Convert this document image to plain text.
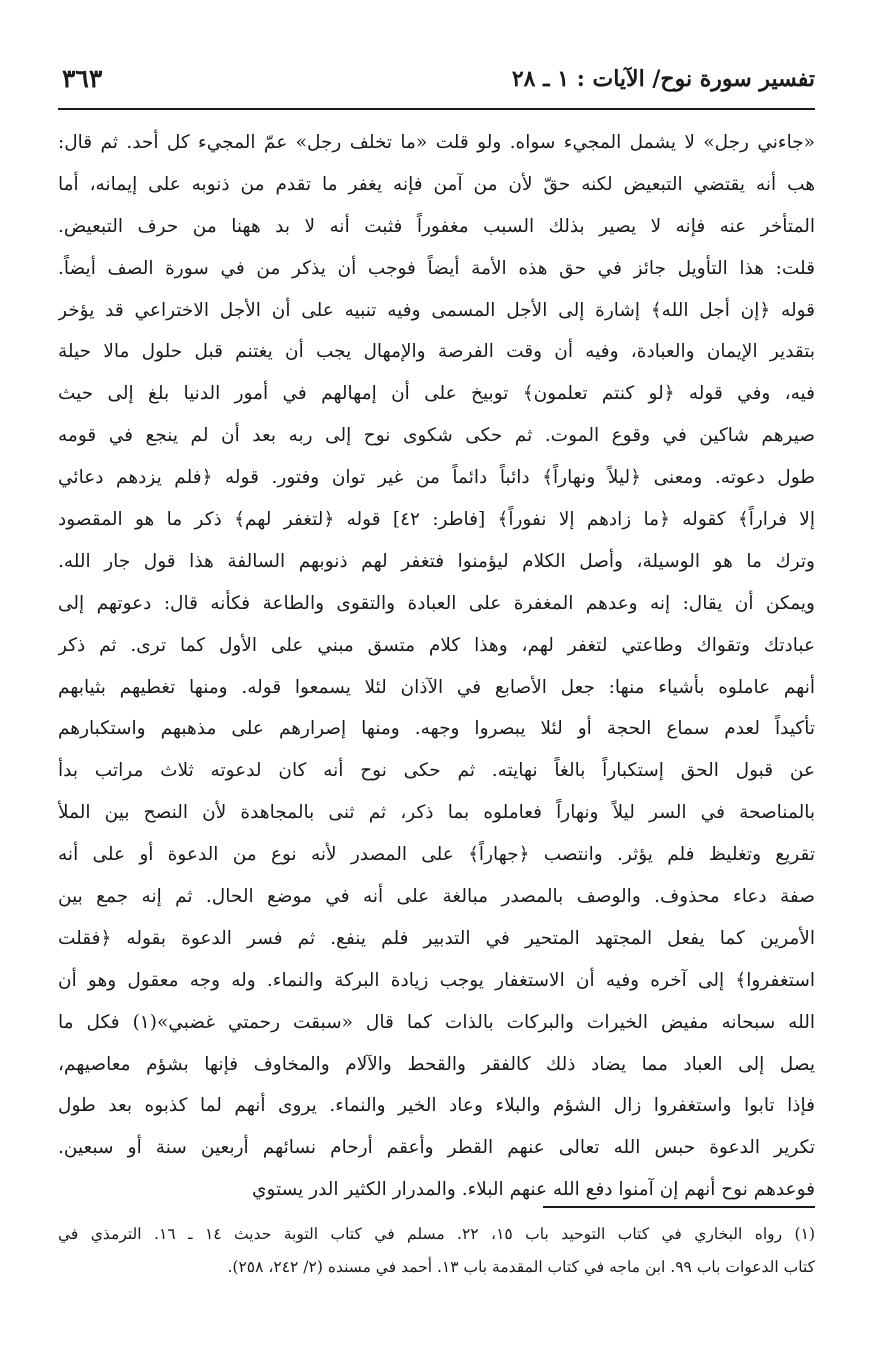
تفسير سورة نوح/ الآيات : ١ ـ ٢٨
٣٦٣
«جاءني رجل» لا يشمل المجيء سواه. ولو قلت «ما تخلف رجل» عمّ المجيء كل أحد. ثم قال:
هب أنه يقتضي التبعيض لكنه حقّ لأن من آمن فإنه يغفر ما تقدم من ذنوبه على إيمانه، أما
المتأخر عنه فإنه لا يصير بذلك السبب مغفوراً فثبت أنه لا بد ههنا من حرف التبعيض.
قلت: هذا التأويل جائز في حق هذه الأمة أيضاً فوجب أن يذكر من في سورة الصف أيضاً.
قوله ﴿إن أجل الله﴾ إشارة إلى الأجل المسمى وفيه تنبيه على أن الأجل الاختراعي قد يؤخر
بتقدير الإيمان والعبادة، وفيه أن وقت الفرصة والإمهال يجب أن يغتنم قبل حلول مالا حيلة
فيه، وفي قوله ﴿لو كنتم تعلمون﴾ توبيخ على أن إمهالهم في أمور الدنيا بلغ إلى حيث
صيرهم شاكين في وقوع الموت. ثم حكى شكوى نوح إلى ربه بعد أن لم ينجع في قومه
طول دعوته. ومعنى ﴿ليلاً ونهاراً﴾ دائباً دائماً من غير توان وفتور. قوله ﴿فلم يزدهم دعائي
إلا فراراً﴾ كقوله ﴿ما زادهم إلا نفوراً﴾ [فاطر: ٤٢] قوله ﴿لتغفر لهم﴾ ذكر ما هو المقصود
وترك ما هو الوسيلة، وأصل الكلام ليؤمنوا فتغفر لهم ذنوبهم السالفة هذا قول جار الله.
ويمكن أن يقال: إنه وعدهم المغفرة على العبادة والتقوى والطاعة فكأنه قال: دعوتهم إلى
عبادتك وتقواك وطاعتي لتغفر لهم، وهذا كلام متسق مبني على الأول كما ترى. ثم ذكر
أنهم عاملوه بأشياء منها: جعل الأصابع في الآذان لئلا يسمعوا قوله. ومنها تغطيهم بثيابهم
تأكيداً لعدم سماع الحجة أو لئلا يبصروا وجهه. ومنها إصرارهم على مذهبهم واستكبارهم
عن قبول الحق إستكباراً بالغاً نهايته. ثم حكى نوح أنه كان لدعوته ثلاث مراتب بدأ
بالمناصحة في السر ليلاً ونهاراً فعاملوه بما ذكر، ثم ثنى بالمجاهدة لأن النصح بين الملأ
تقريع وتغليظ فلم يؤثر. وانتصب ﴿جهاراً﴾ على المصدر لأنه نوع من الدعوة أو على أنه
صفة دعاء محذوف. والوصف بالمصدر مبالغة على أنه في موضع الحال. ثم إنه جمع بين
الأمرين كما يفعل المجتهد المتحير في التدبير فلم ينفع. ثم فسر الدعوة بقوله ﴿فقلت
استغفروا﴾ إلى آخره وفيه أن الاستغفار يوجب زيادة البركة والنماء. وله وجه معقول وهو أن
الله سبحانه مفيض الخيرات والبركات بالذات كما قال «سبقت رحمتي غضبي»(١) فكل ما
يصل إلى العباد مما يضاد ذلك كالفقر والقحط والآلام والمخاوف فإنها بشؤم معاصيهم،
فإذا تابوا واستغفروا زال الشؤم والبلاء وعاد الخير والنماء. يروى أنهم لما كذبوه بعد طول
تكرير الدعوة حبس الله تعالى عنهم القطر وأعقم أرحام نسائهم أربعين سنة أو سبعين.
فوعدهم نوح أنهم إن آمنوا دفع الله عنهم البلاء. والمدرار الكثير الدر يستوي
(١) رواه البخاري في كتاب التوحيد باب ١٥، ٢٢. مسلم في كتاب التوبة حديث ١٤ ـ ١٦. الترمذي في
كتاب الدعوات باب ٩٩. ابن ماجه في كتاب المقدمة باب ١٣. أحمد في مسنده (٢/ ٢٤٢، ٢٥٨).
